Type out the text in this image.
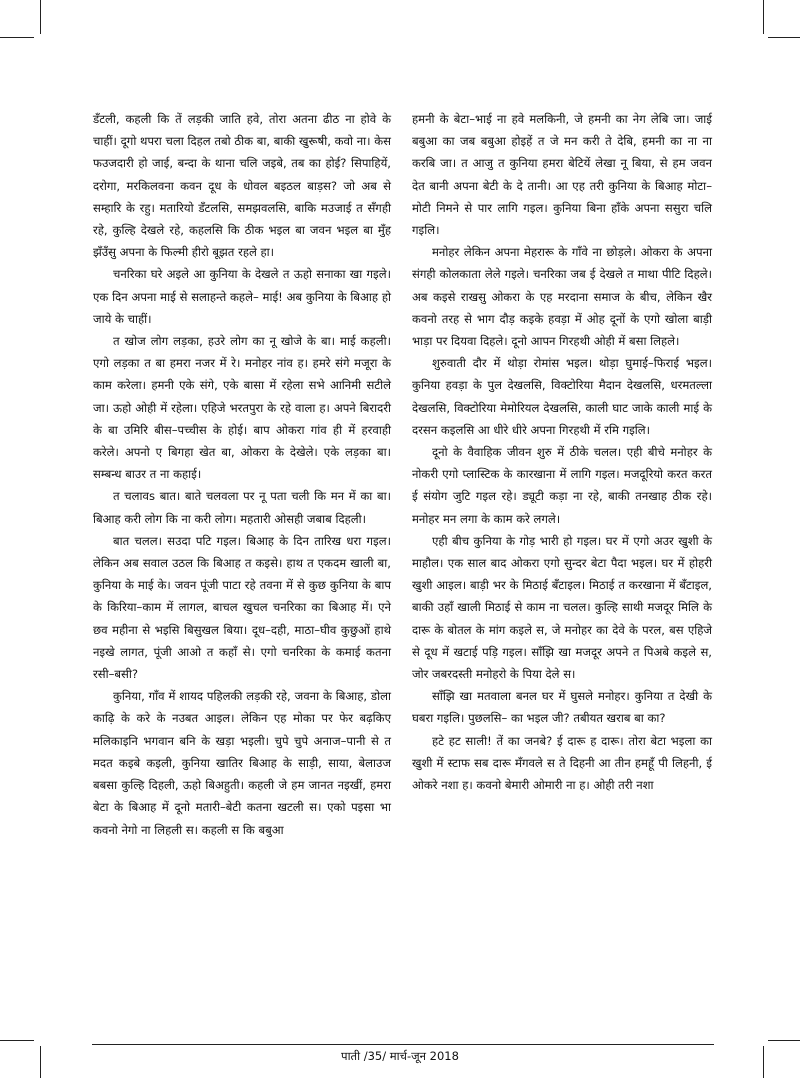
डँटली, कहली कि तें लड़की जाति हवे, तोरा अतना ढीठ ना होवे के चाहीं। दूगो थपरा चला दिहल तबो ठीक बा, बाकी खुरूषी, कवो ना। केस फउजदारी हो जाई, बन्दा के थाना चलि जइबे, तब का होई? सिपाहियें, दरोगा, मरकिलवना कवन दूध के धोवल बइठल बाड़स? जो अब से सम्हारि के रहु। मतारियो डँटलसि, समझवलसि, बाकि मउजाई त सँगही रहे, कुल्हि देखले रहे, कहलसि कि ठीक भइल बा जवन भइल बा मुँह झँउँसु अपना के फिल्मी हीरो बूझत रहले हा।

चनरिका घरे अइले आ कुनिया के देखले त ऊहो सनाका खा गइले। एक दिन अपना माई से सलाहन्ते कहले– माई! अब कुनिया के बिआह हो जाये के चाहीं।

त खोज लोग लड़का, हउरे लोग का नू खोजे के बा। माई कहली। एगो लड़का त बा हमरा नजर में रे। मनोहर नांव ह। हमरे संगे मजूरा के काम करेला। हमनी एके संगे, एके बासा में रहेला सभे आनिमी सटीले जा। ऊहो ओही में रहेला। एहिजे भरतपुरा के रहे वाला ह। अपने बिरादरी के बा उमिरि बीस–पच्चीस के होई। बाप ओकरा गांव ही में हरवाही करेले। अपनो ए बिगहा खेत बा, ओकरा के देखेले। एके लड़का बा। सम्बन्ध बाउर त ना कहाई।

त चलावs बात। बाते चलवला पर नू पता चली कि मन में का बा। बिआह करी लोग कि ना करी लोग। महतारी ओसही जबाब दिहली।

बात चलल। सउदा पटि गइल। बिआह के दिन तारिख धरा गइल। लेकिन अब सवाल उठल कि बिआह त कइसे। हाथ त एकदम खाली बा, कुनिया के माई के। जवन पूंजी पाटा रहे तवना में से कुछ कुनिया के बाप के किरिया–काम में लागल, बाचल खुचल चनरिका का बिआह में। एने छव महीना से भइसि बिसुखल बिया। दूध–दही, माठा–घीव कुछुओं हाथे नइखे लागत, पूंजी आओ त कहाँ से। एगो चनरिका के कमाई कतना रसी–बसी?

कुनिया, गाँव में शायद पहिलकी लड़की रहे, जवना के बिआह, डोला काढ़ि के करे के नउबत आइल। लेकिन एह मोका पर फेर बढ़किए मलिकाइनि भगवान बनि के खड़ा भइली। चुपे चुपे अनाज–पानी से त मदत कइबे कइली, कुनिया खातिर बिआह के साड़ी, साया, बेलाउज बबसा कुल्हि दिहली, ऊहो बिअहुती। कहली जे हम जानत नइखीं, हमरा बेटा के बिआह में दूनो मतारी–बेटी कतना खटली स। एको पइसा भा कवनो नेगो ना लिहली स। कहली स कि बबुआ

हमनी के बेटा–भाई ना हवे मलकिनी, जे हमनी का नेग लेबि जा। जाई बबुआ का जब बबुआ होइहें त जे मन करी ते देबि, हमनी का ना ना करबि जा। त आजु त कुनिया हमरा बेटियें लेखा नू बिया, से हम जवन देत बानी अपना बेटी के दे तानी। आ एह तरी कुनिया के बिआह मोटा–मोटी निमने से पार लागि गइल। कुनिया बिना हाँके अपना ससुरा चलि गइलि।

मनोहर लेकिन अपना मेहरारू के गाँवे ना छोड़ले। ओकरा के अपना संगही कोलकाता लेले गइले। चनरिका जब ई देखले त माथा पीटि दिहले। अब कइसे राखसु ओकरा के एह मरदाना समाज के बीच, लेकिन खैर कवनो तरह से भाग दौड़ कइके हवड़ा में ओह दूनों के एगो खोला बाड़ी भाड़ा पर दियवा दिहले। दूनो आपन गिरहथी ओही में बसा लिहले।

शुरुवाती दौर में थोड़ा रोमांस भइल। थोड़ा घुमाई–फिराई भइल। कुनिया हवड़ा के पुल देखलसि, विक्टोरिया मैदान देखलसि, धरमतल्ला देखलसि, विक्टोरिया मेमोरियल देखलसि, काली घाट जाके काली माई के दरसन कइलसि आ धीरे धीरे अपना गिरहथी में रमि गइलि।

दूनो के वैवाहिक जीवन शुरु में ठीके चलल। एही बीचे मनोहर के नोकरी एगो प्लास्टिक के कारखाना में लागि गइल। मजदूरियो करत करत ई संयोग जुटि गइल रहे। ड्यूटी कड़ा ना रहे, बाकी तनखाह ठीक रहे। मनोहर मन लगा के काम करे लगले।

एही बीच कुनिया के गोड़ भारी हो गइल। घर में एगो अउर खुशी के माहौल। एक साल बाद ओकरा एगो सुन्दर बेटा पैदा भइल। घर में होहरी खुशी आइल। बाड़ी भर के मिठाई बँटाइल। मिठाई त करखाना में बँटाइल, बाकी उहाँ खाली मिठाई से काम ना चलल। कुल्हि साथी मजदूर मिलि के दारू के बोतल के मांग कइले स, जे मनोहर का देवे के परल, बस एहिजे से दूध में खटाई पड़ि गइल। साँझि खा मजदूर अपने त पिअबे कइले स, जोर जबरदस्ती मनोहरो के पिया देले स।

साँझि खा मतवाला बनल घर में घुसले मनोहर। कुनिया त देखी के घबरा गइलि। पुछलसि– का भइल जी? तबीयत खराब बा का?

हटे हट साली! तें का जनबे? ई दारू ह दारू। तोरा बेटा भइला का खुशी में स्टाफ सब दारू मँगवले स ते दिहनी आ तीन हमहूँ पी लिहनी, ई ओकरे नशा ह। कवनो बेमारी ओमारी ना ह। ओही तरी नशा

पाती /35/ मार्च-जून 2018
